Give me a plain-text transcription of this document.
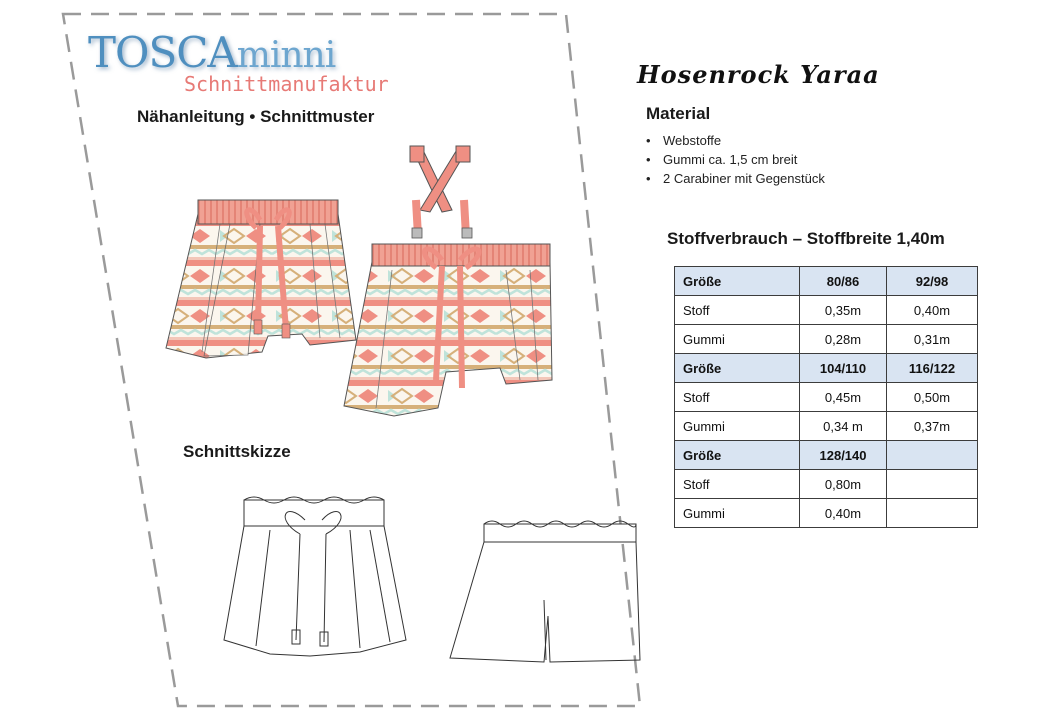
TOSCAminni
Schnittmanufaktur
Nähanleitung • Schnittmuster
Schnittskizze
Hosenrock Yaraa
Material
• Webstoffe
• Gummi ca. 1,5 cm breit
• 2 Carabiner mit Gegenstück
Stoffverbrauch – Stoffbreite 1,40m
Größe	80/86	92/98
Stoff	0,35m	0,40m
Gummi	0,28m	0,31m
Größe	104/110	116/122
Stoff	0,45m	0,50m
Gummi	0,34 m	0,37m
Größe	128/140	
Stoff	0,80m	
Gummi	0,40m	
